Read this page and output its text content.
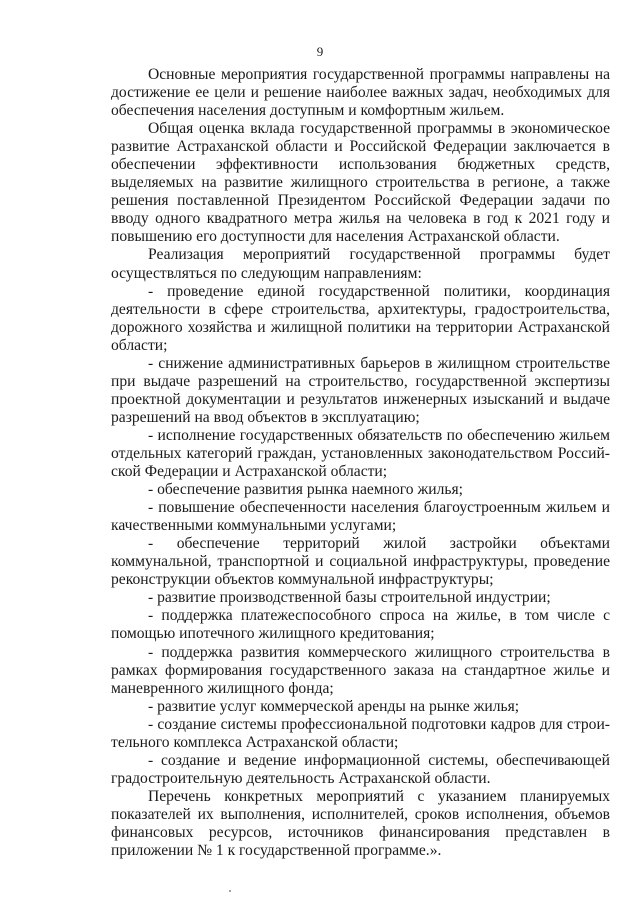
9

Основные мероприятия государственной программы направлены на достижение ее цели и решение наиболее важных задач, необходимых для обеспечения населения доступным и комфортным жильем.

Общая оценка вклада государственной программы в экономическое развитие Астраханской области и Российской Федерации заключается в обеспечении эффективности использования бюджетных средств, выделяемых на развитие жилищного строительства в регионе, а также решения поставленной Президентом Российской Федерации задачи по вводу одного квадратного метра жилья на человека в год к 2021 году и повышению его доступности для населения Астраханской области.

Реализация мероприятий государственной программы будет осуществляться по следующим направлениям:

- проведение единой государственной политики, координация деятельности в сфере строительства, архитектуры, градостроительства, дорожного хозяйства и жилищной политики на территории Астраханской области;

- снижение административных барьеров в жилищном строительстве при выдаче разрешений на строительство, государственной экспертизы проектной документации и результатов инженерных изысканий и выдаче разрешений на ввод объектов в эксплуатацию;

- исполнение государственных обязательств по обеспечению жильем отдельных категорий граждан, установленных законодательством Российской Федерации и Астраханской области;

- обеспечение развития рынка наемного жилья;

- повышение обеспеченности населения благоустроенным жильем и качественными коммунальными услугами;

- обеспечение территорий жилой застройки объектами коммунальной, транспортной и социальной инфраструктуры, проведение реконструкции объектов коммунальной инфраструктуры;

- развитие производственной базы строительной индустрии;

- поддержка платежеспособного спроса на жилье, в том числе с помощью ипотечного жилищного кредитования;

- поддержка развития коммерческого жилищного строительства в рамках формирования государственного заказа на стандартное жилье и маневренного жилищного фонда;

- развитие услуг коммерческой аренды на рынке жилья;

- создание системы профессиональной подготовки кадров для строительного комплекса Астраханской области;

- создание и ведение информационной системы, обеспечивающей градостроительную деятельность Астраханской области.

Перечень конкретных мероприятий с указанием планируемых показателей их выполнения, исполнителей, сроков исполнения, объемов финансовых ресурсов, источников финансирования представлен в приложении № 1 к государственной программе.».
